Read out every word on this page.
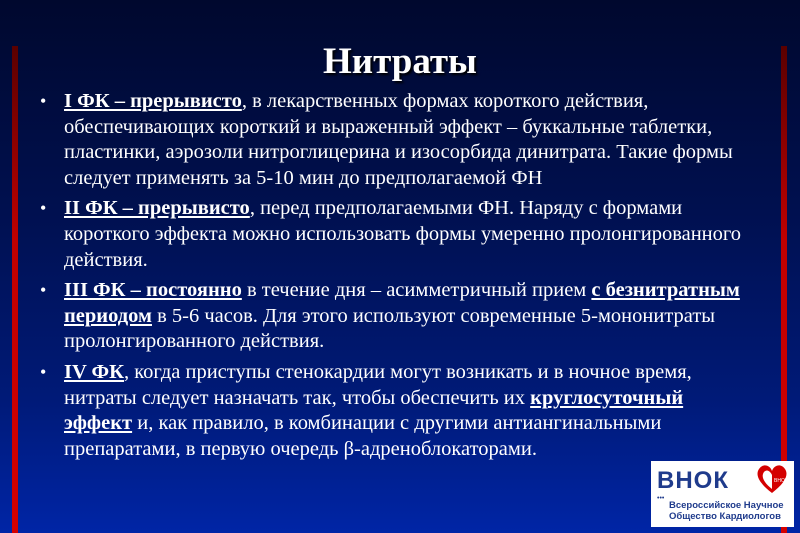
Нитраты
• I ФК – прерывисто, в лекарственных формах короткого действия, обеспечивающих короткий и выраженный эффект – буккальные таблетки, пластинки, аэрозоли нитроглицерина и изосорбида динитрата. Такие формы следует применять за 5-10 мин до предполагаемой ФН
• II ФК – прерывисто, перед предполагаемыми ФН. Наряду с формами короткого эффекта можно использовать формы умеренно пролонгированного действия.
• III ФК – постоянно в течение дня – асимметричный прием с безнитратным периодом в 5-6 часов. Для этого используют современные 5-мононитраты пролонгированного действия.
• IV ФК, когда приступы стенокардии могут возникать и в ночное время, нитраты следует назначать так, чтобы обеспечить их круглосуточный эффект и, как правило, в комбинации с другими антиангинальными препаратами, в первую очередь β-адреноблокаторами.
ВНОК	ВНОК
•••
Всероссийское Научное
Общество Кардиологов
